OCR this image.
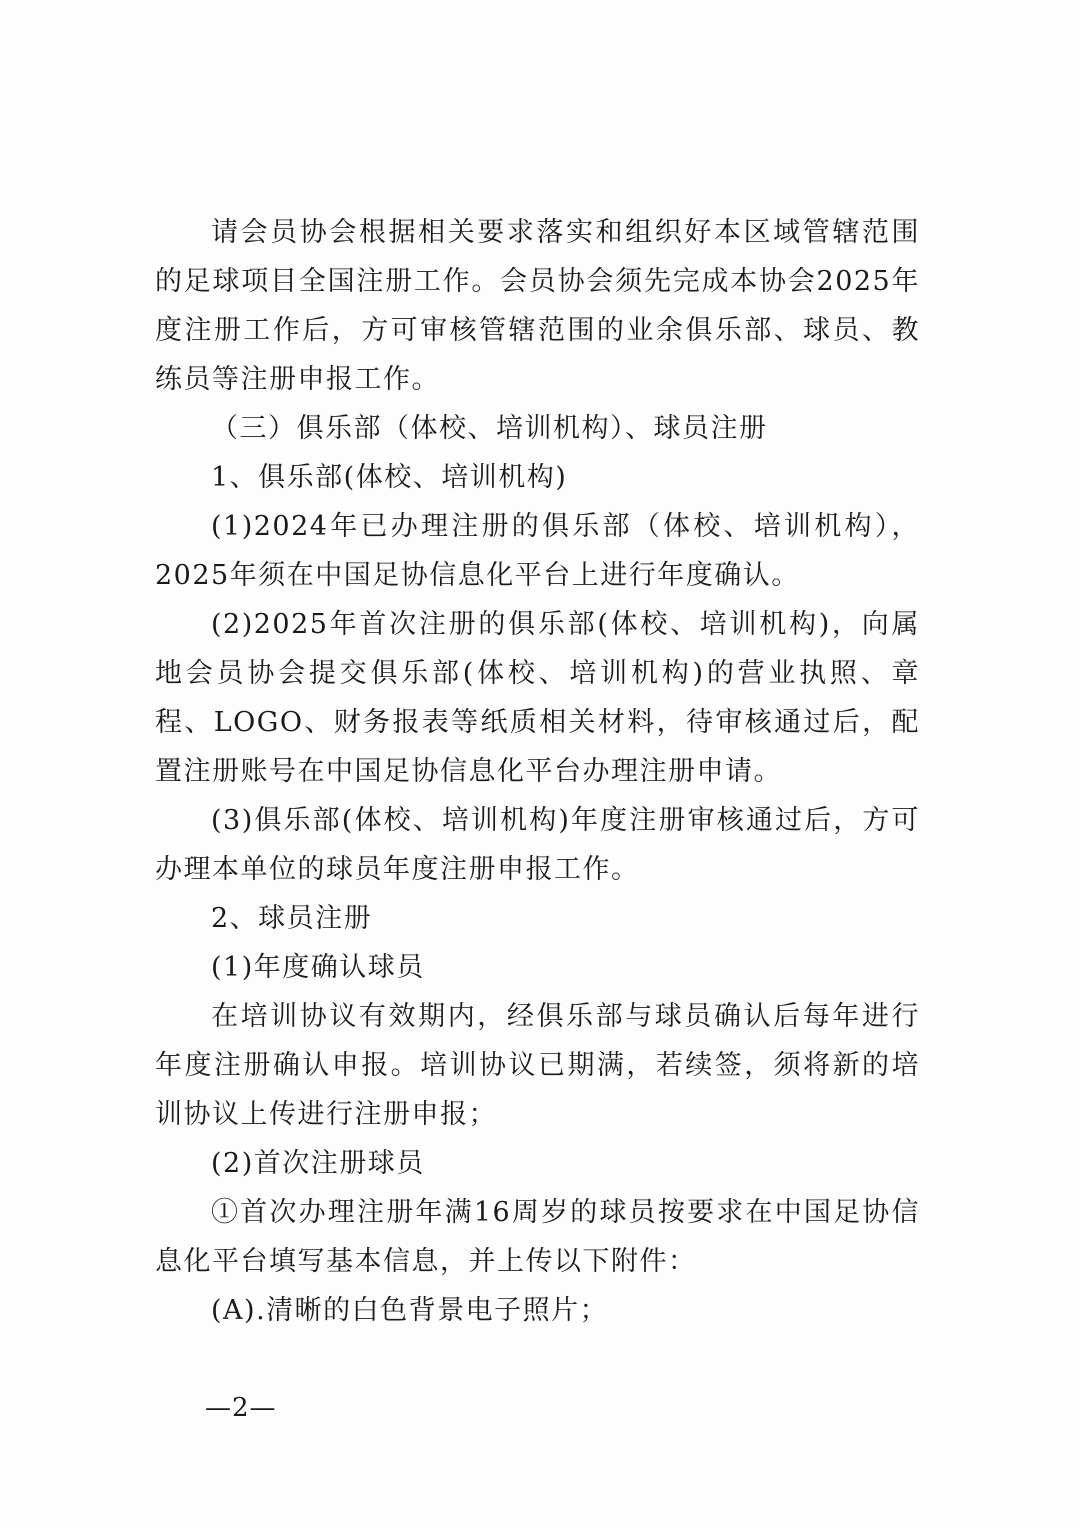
请会员协会根据相关要求落实和组织好本区域管辖范围的足球项目全国注册工作。会员协会须先完成本协会2025年度注册工作后，方可审核管辖范围的业余俱乐部、球员、教练员等注册申报工作。

（三）俱乐部（体校、培训机构）、球员注册

1、俱乐部(体校、培训机构)

(1)2024年已办理注册的俱乐部（体校、培训机构），2025年须在中国足协信息化平台上进行年度确认。

(2)2025年首次注册的俱乐部(体校、培训机构)，向属地会员协会提交俱乐部(体校、培训机构)的营业执照、章程、LOGO、财务报表等纸质相关材料，待审核通过后，配置注册账号在中国足协信息化平台办理注册申请。

(3)俱乐部(体校、培训机构)年度注册审核通过后，方可办理本单位的球员年度注册申报工作。

2、球员注册

(1)年度确认球员

在培训协议有效期内，经俱乐部与球员确认后每年进行年度注册确认申报。培训协议已期满，若续签，须将新的培训协议上传进行注册申报；

(2)首次注册球员

①首次办理注册年满16周岁的球员按要求在中国足协信息化平台填写基本信息，并上传以下附件：

(A).清晰的白色背景电子照片；

—2—
